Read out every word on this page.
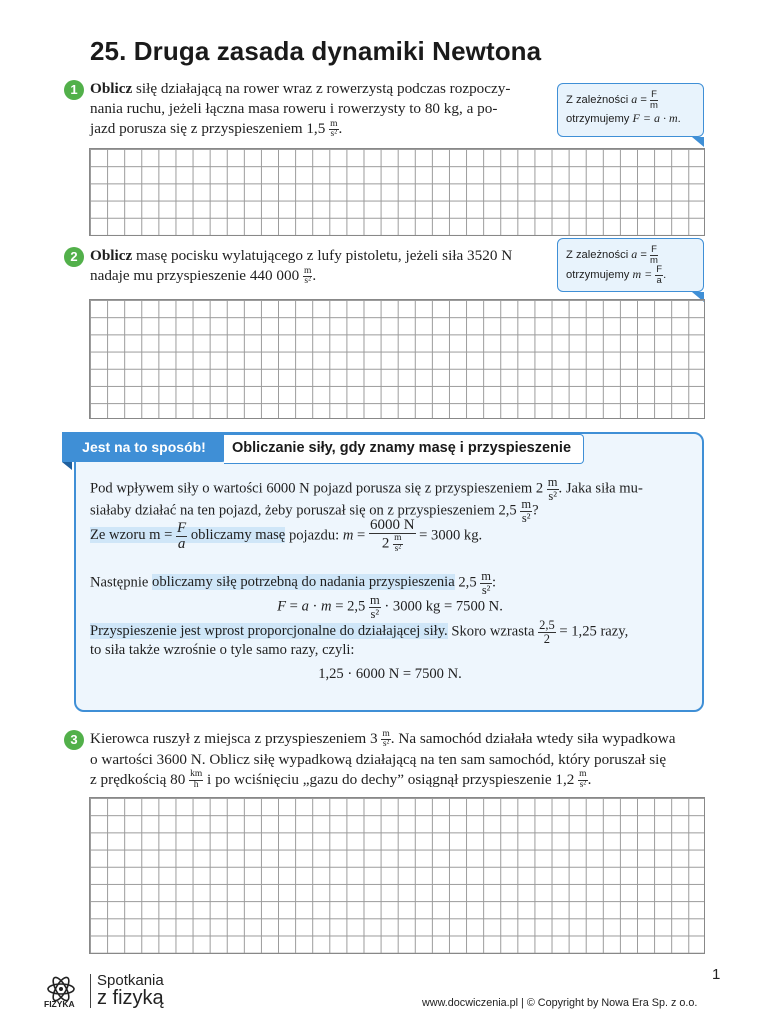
25. Druga zasada dynamiki Newtona
1 Oblicz siłę działającą na rower wraz z rowerzystą podczas rozpoczy-
nania ruchu, jeżeli łączna masa roweru i rowerzysty to 80 kg, a po-
jazd porusza się z przyspieszeniem $1,5 \frac{m}{\text{s²}}$ .
Z zależności $a = \frac{F}{m}$
otrzymujemy F = a · m.
2 Oblicz masę pocisku wylatującego z lufy pistoletu, jeżeli siła 3520 N
nadaje mu przyspieszenie 440 $000 \frac{m}{\text{s²}}$ .
Z zależności $a = \frac{F}{m}$
otrzymujemy $m = \frac{F}{a}$ .
Jest na to sposób!	Obliczanie siły, gdy znamy masę i przyspieszenie
Pod wpływem siły o wartości 6000 N pojazd porusza się z przyspieszeniem $2 \frac{m}{\text{s²}}$ . Jaka siła mu-
siałaby działać na ten pojazd, żeby poruszał się on z przyspieszeniem $2,5 \frac{m}{\text{s²}}$ ?
Ze wzoru $m = \frac{F}{a}$ obliczamy masę pojazdu: $m = \frac{6000 N}{2 \frac{m}{\text{s²}}} = 3000$ kg.
Następnie obliczamy siłę potrzebną do nadania przyspieszenia $2,5 \frac{m}{\text{s²}}$ :
$F = a \cdot m = 2,5 \frac{m}{\text{s²}} \cdot 3000$ kg = 7500 N.
Przyspieszenie jest wprost proporcjonalne do działającej siły. Skoro wzrasta $\frac{2,5}{2} = 1,25$ razy,
to siła także wzrośnie o tyle samo razy, czyli:
1,25 · 6000 N = 7500 N.
3 Kierowca ruszył z miejsca z przyspieszeniem $3 \frac{m}{\text{s²}}$ . Na samochód działała wtedy siła wypadkowa
o wartości 3600 N. Oblicz siłę wypadkową działającą na ten sam samochód, który poruszał się
z prędkością $80 \frac{km}{h}$ i po wciśnięciu „gazu do dechy” osiągnął przyspieszenie $1,2 \frac{m}{\text{s²}}$ .
FIZYKA
Spotkania
z fizyką
1
www.docwiczenia.pl | © Copyright by Nowa Era Sp. z o.o.
